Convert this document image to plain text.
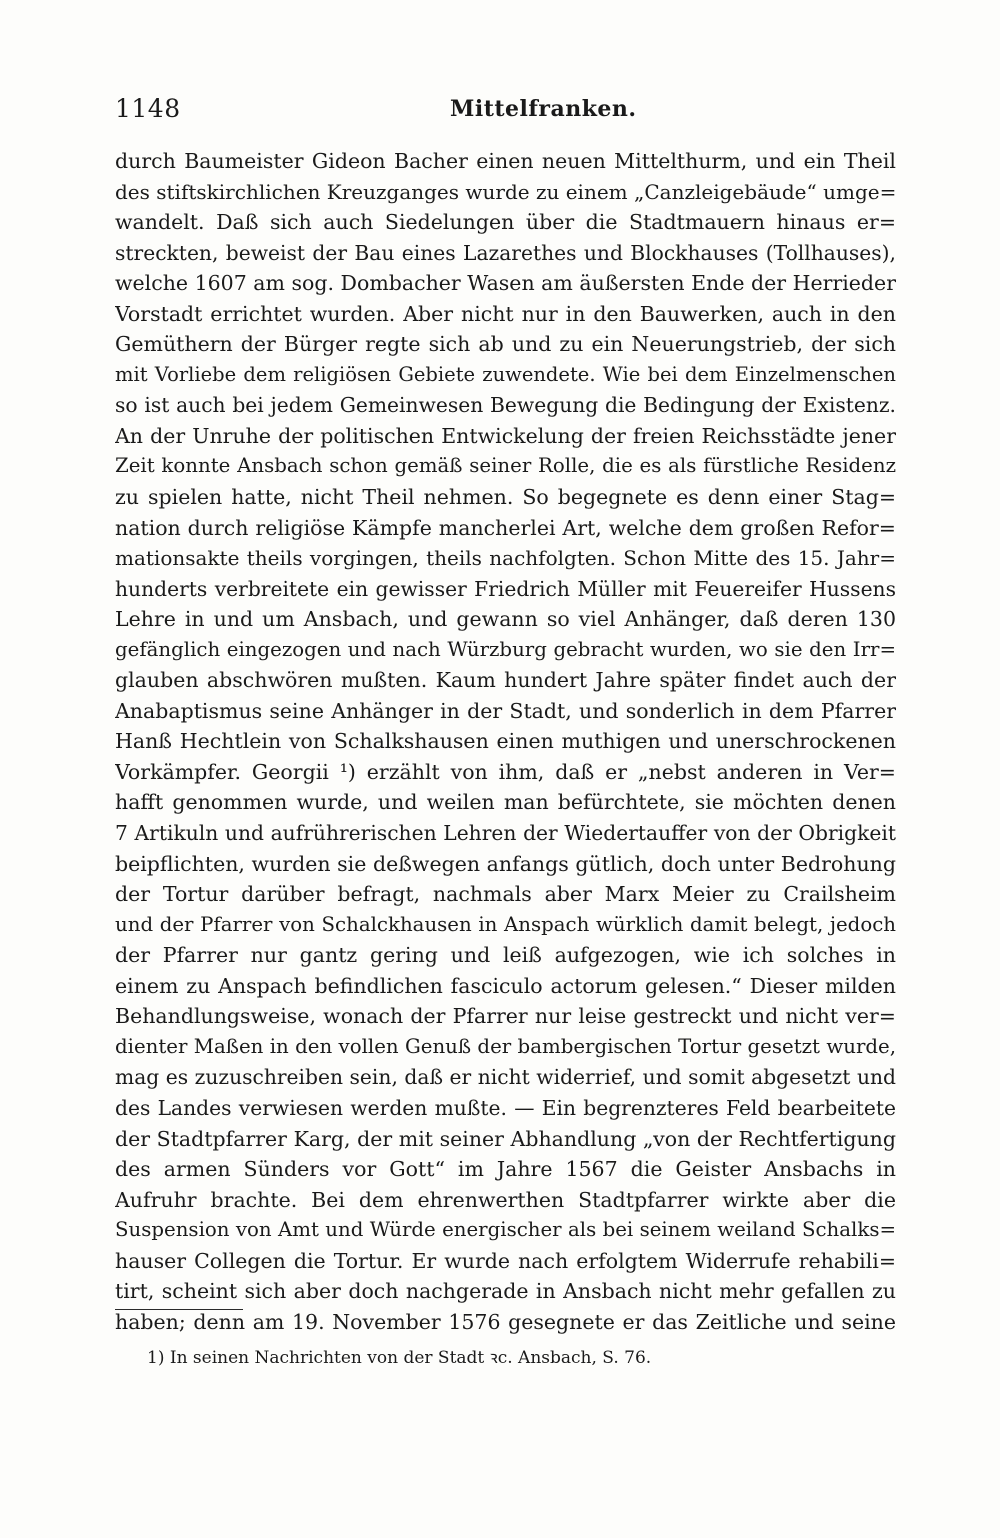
1148	Mittelfranken.
durch Baumeister Gideon Bacher einen neuen Mittelthurm, und ein Theil
des stiftskirchlichen Kreuzganges wurde zu einem „Canzleigebäude“ umge=
wandelt. Daß sich auch Siedelungen über die Stadtmauern hinaus er=
streckten, beweist der Bau eines Lazarethes und Blockhauses (Tollhauses),
welche 1607 am sog. Dombacher Wasen am äußersten Ende der Herrieder
Vorstadt errichtet wurden. Aber nicht nur in den Bauwerken, auch in den
Gemüthern der Bürger regte sich ab und zu ein Neuerungstrieb, der sich
mit Vorliebe dem religiösen Gebiete zuwendete. Wie bei dem Einzelmenschen
so ist auch bei jedem Gemeinwesen Bewegung die Bedingung der Existenz.
An der Unruhe der politischen Entwickelung der freien Reichsstädte jener
Zeit konnte Ansbach schon gemäß seiner Rolle, die es als fürstliche Residenz
zu spielen hatte, nicht Theil nehmen. So begegnete es denn einer Stag=
nation durch religiöse Kämpfe mancherlei Art, welche dem großen Refor=
mationsakte theils vorgingen, theils nachfolgten. Schon Mitte des 15. Jahr=
hunderts verbreitete ein gewisser Friedrich Müller mit Feuereifer Hussens
Lehre in und um Ansbach, und gewann so viel Anhänger, daß deren 130
gefänglich eingezogen und nach Würzburg gebracht wurden, wo sie den Irr=
glauben abschwören mußten. Kaum hundert Jahre später findet auch der
Anabaptismus seine Anhänger in der Stadt, und sonderlich in dem Pfarrer
Hanß Hechtlein von Schalkshausen einen muthigen und unerschrockenen
Vorkämpfer. Georgii ¹) erzählt von ihm, daß er „nebst anderen in Ver=
hafft genommen wurde, und weilen man befürchtete, sie möchten denen
7 Artikuln und aufrührerischen Lehren der Wiedertauffer von der Obrigkeit
beipflichten, wurden sie deßwegen anfangs gütlich, doch unter Bedrohung
der Tortur darüber befragt, nachmals aber Marx Meier zu Crailsheim
und der Pfarrer von Schalckhausen in Anspach würklich damit belegt, jedoch
der Pfarrer nur gantz gering und leiß aufgezogen, wie ich solches in
einem zu Anspach befindlichen fasciculo actorum gelesen.“ Dieser milden
Behandlungsweise, wonach der Pfarrer nur leise gestreckt und nicht ver=
dienter Maßen in den vollen Genuß der bambergischen Tortur gesetzt wurde,
mag es zuzuschreiben sein, daß er nicht widerrief, und somit abgesetzt und
des Landes verwiesen werden mußte. — Ein begrenzteres Feld bearbeitete
der Stadtpfarrer Karg, der mit seiner Abhandlung „von der Rechtfertigung
des armen Sünders vor Gott“ im Jahre 1567 die Geister Ansbachs in
Aufruhr brachte. Bei dem ehrenwerthen Stadtpfarrer wirkte aber die
Suspension von Amt und Würde energischer als bei seinem weiland Schalks=
hauser Collegen die Tortur. Er wurde nach erfolgtem Widerrufe rehabili=
tirt, scheint sich aber doch nachgerade in Ansbach nicht mehr gefallen zu
haben; denn am 19. November 1576 gesegnete er das Zeitliche und seine
1) In seinen Nachrichten von der Stadt ꝛc. Ansbach, S. 76.
